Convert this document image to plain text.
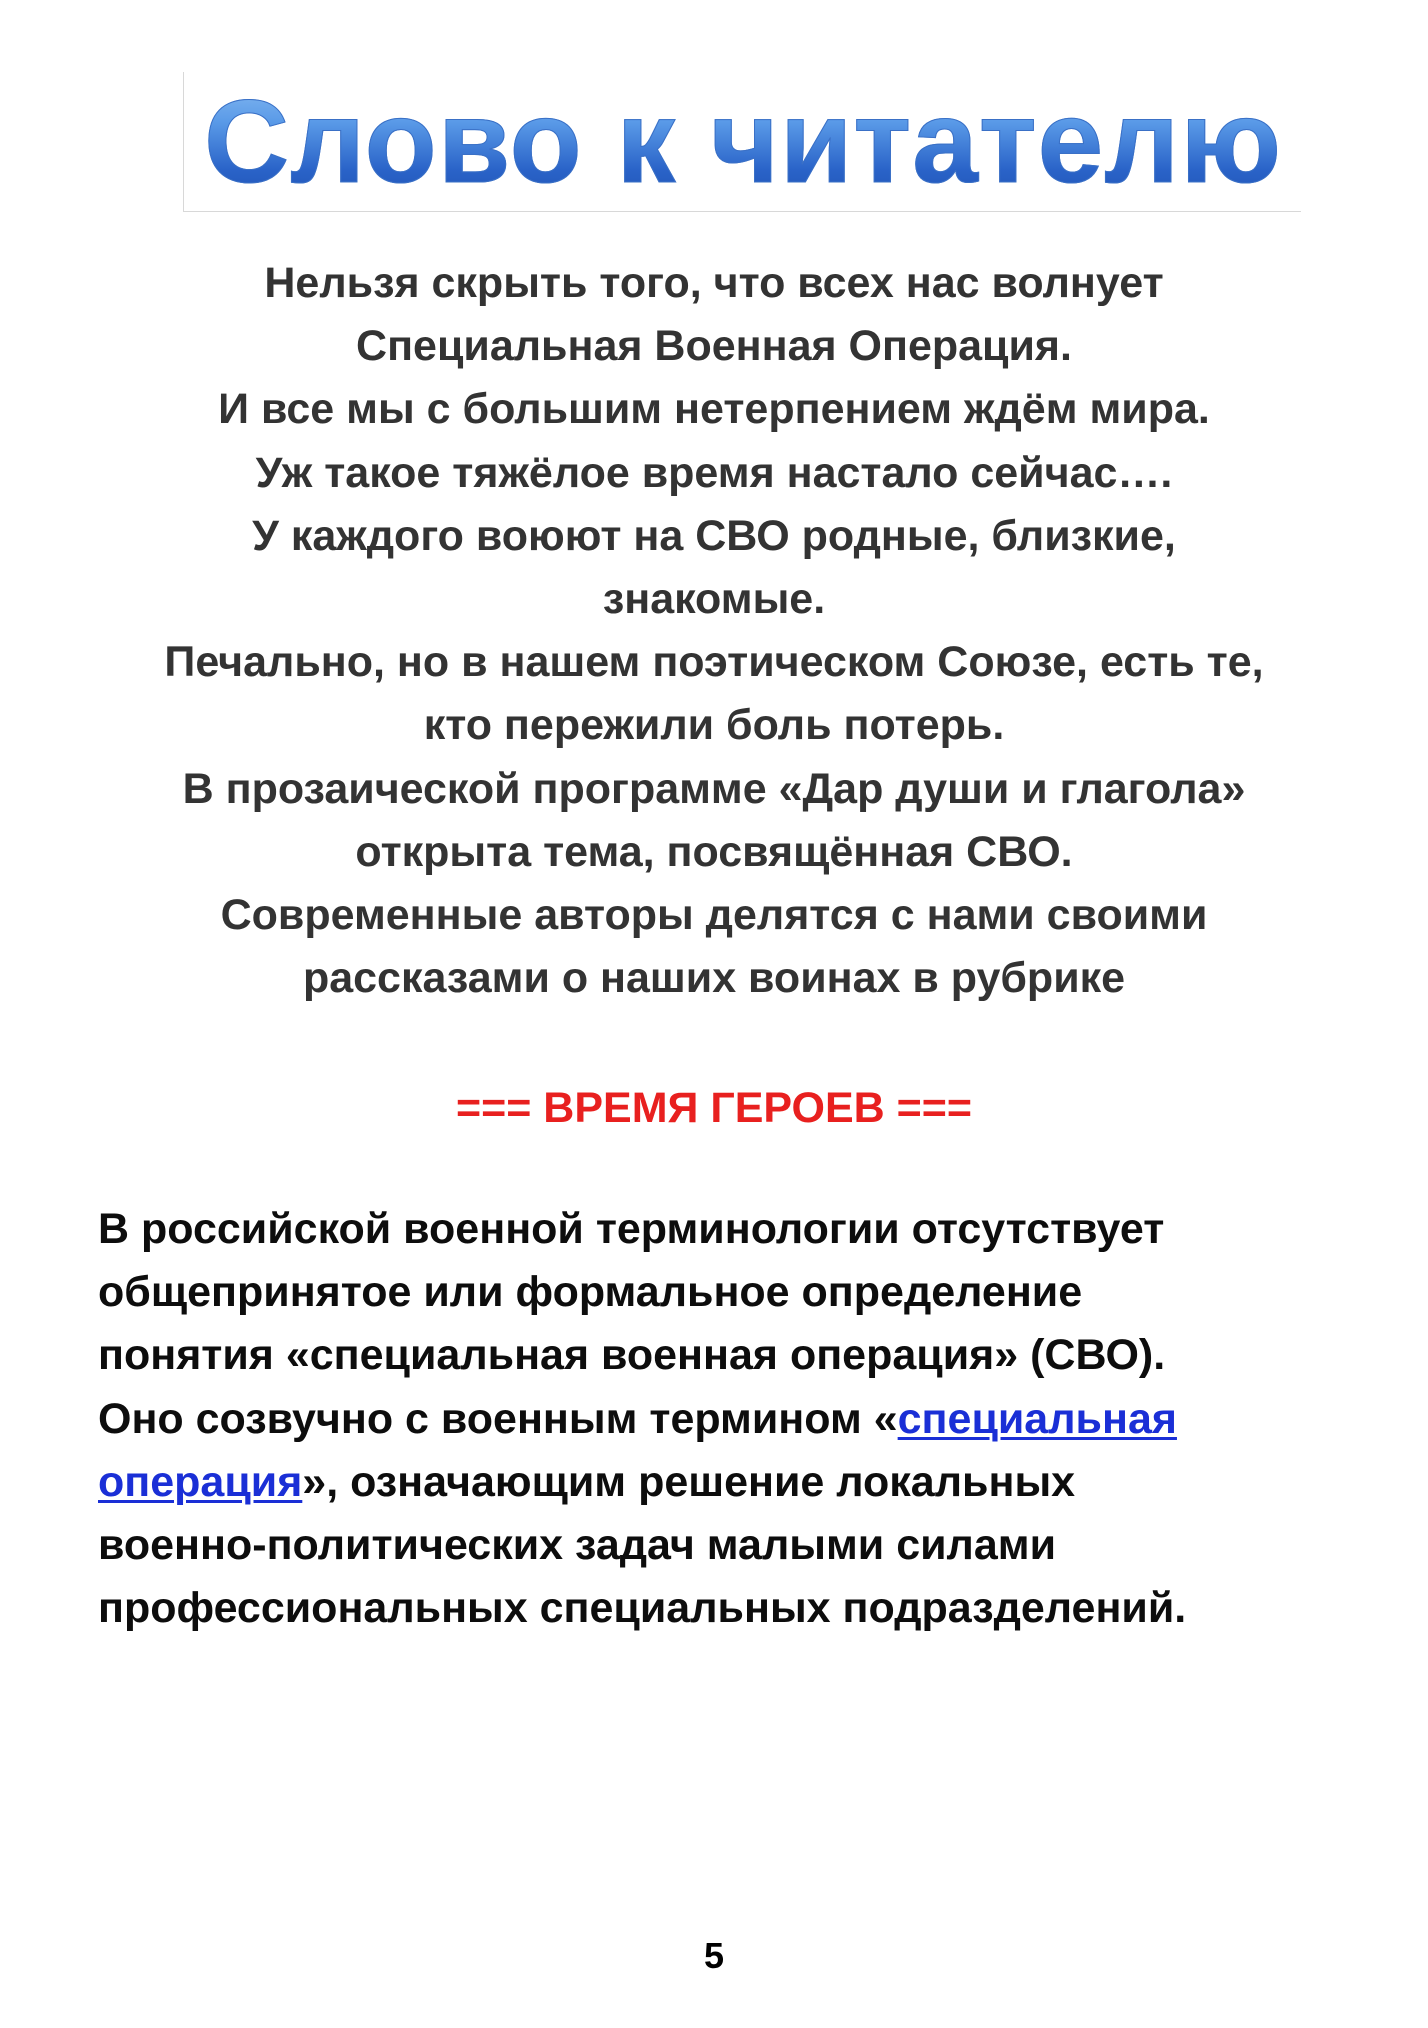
Слово к читателю
Нельзя скрыть того, что всех нас волнует
Специальная Военная Операция.
И все мы с большим нетерпением ждём мира.
Уж такое тяжёлое время настало сейчас….
У каждого воюют на СВО родные, близкие,
знакомые.
Печально, но в нашем поэтическом Союзе, есть те,
кто пережили боль потерь.
В прозаической программе «Дар души и глагола»
открыта тема, посвящённая СВО.
Современные авторы делятся с нами своими
рассказами о наших воинах в рубрике
=== ВРЕМЯ ГЕРОЕВ ===
В российской военной терминологии отсутствует
общепринятое или формальное определение
понятия «специальная военная операция» (СВО).
Оно созвучно с военным термином «специальная
операция», означающим решение локальных
военно-политических задач малыми силами
профессиональных специальных подразделений.
5
